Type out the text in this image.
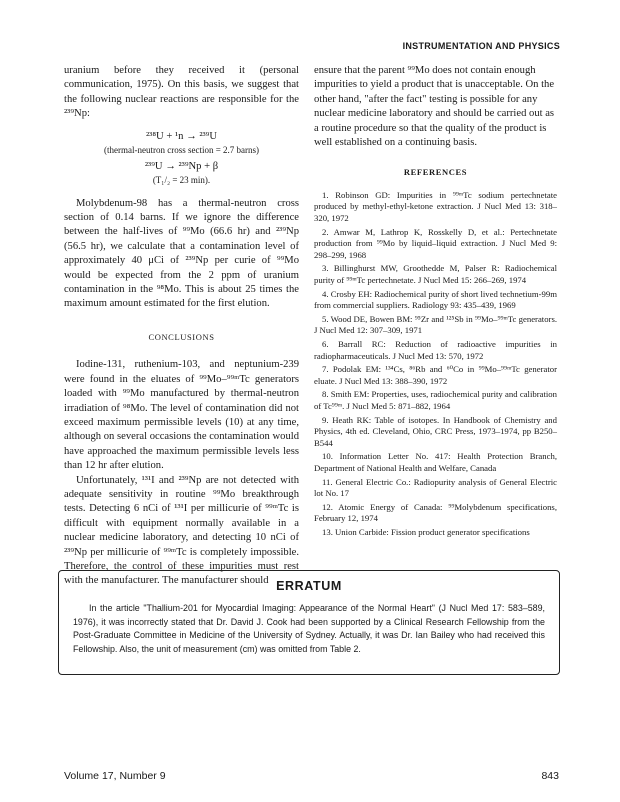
INSTRUMENTATION AND PHYSICS

uranium before they received it (personal communication, 1975). On this basis, we suggest that the following nuclear reactions are responsible for the ²³⁹Np:

²³⁸U + ¹n → ²³⁹U
(thermal-neutron cross section = 2.7 barns)
²³⁹U → ²³⁹Np + β
(T₁/₂ = 23 min).

Molybdenum-98 has a thermal-neutron cross section of 0.14 barns. If we ignore the difference between the half-lives of ⁹⁹Mo (66.6 hr) and ²³⁹Np (56.5 hr), we calculate that a contamination level of approximately 40 μCi of ²³⁹Np per curie of ⁹⁹Mo would be expected from the 2 ppm of uranium contamination in the ⁹⁸Mo. This is about 25 times the maximum amount estimated for the first elution.

CONCLUSIONS

Iodine-131, ruthenium-103, and neptunium-239 were found in the eluates of ⁹⁹Mo–⁹⁹ᵐTc generators loaded with ⁹⁹Mo manufactured by thermal-neutron irradiation of ⁹⁸Mo. The level of contamination did not exceed maximum permissible levels (10) at any time, although on several occasions the contamination would have approached the maximum permissible levels less than 12 hr after elution.

Unfortunately, ¹³¹I and ²³⁹Np are not detected with adequate sensitivity in routine ⁹⁹Mo breakthrough tests. Detecting 6 nCi of ¹³¹I per millicurie of ⁹⁹ᵐTc is difficult with equipment normally available in a nuclear medicine laboratory, and detecting 10 nCi of ²³⁹Np per millicurie of ⁹⁹ᵐTc is completely impossible. Therefore, the control of these impurities must rest with the manufacturer. The manufacturer should

ensure that the parent ⁹⁹Mo does not contain enough impurities to yield a product that is unacceptable. On the other hand, "after the fact" testing is possible for any nuclear medicine laboratory and should be carried out as a routine procedure so that the quality of the product is well established on a continuing basis.

REFERENCES
1. Robinson GD: Impurities in ⁹⁹ᵐTc sodium pertechnetate produced by methyl-ethyl-ketone extraction. J Nucl Med 13: 318–320, 1972
2. Amwar M, Lathrop K, Rosskelly D, et al.: Pertechnetate production from ⁹⁹Mo by liquid–liquid extraction. J Nucl Med 9: 298–299, 1968
3. Billinghurst MW, Groothedde M, Palser R: Radiochemical purity of ⁹⁹ᵐTc pertechnetate. J Nucl Med 15: 266–269, 1974
4. Crosby EH: Radiochemical purity of short lived technetium-99m from commercial suppliers. Radiology 93: 435–439, 1969
5. Wood DE, Bowen BM: ⁹⁵Zr and ¹²⁵Sb in ⁹⁹Mo–⁹⁹ᵐTc generators. J Nucl Med 12: 307–309, 1971
6. Barrall RC: Reduction of radioactive impurities in radiopharmaceuticals. J Nucl Med 13: 570, 1972
7. Podolak EM: ¹³⁴Cs, ⁸⁶Rb and ⁶⁰Co in ⁹⁹Mo–⁹⁹ᵐTc generator eluate. J Nucl Med 13: 388–390, 1972
8. Smith EM: Properties, uses, radiochemical purity and calibration of Tc⁹⁹ᵐ. J Nucl Med 5: 871–882, 1964
9. Heath RK: Table of isotopes. In Handbook of Chemistry and Physics, 4th ed. Cleveland, Ohio, CRC Press, 1973–1974, pp B250–B544
10. Information Letter No. 417: Health Protection Branch, Department of National Health and Welfare, Canada
11. General Electric Co.: Radiopurity analysis of General Electric lot No. 17
12. Atomic Energy of Canada: ⁹⁹Molybdenum specifications, February 12, 1974
13. Union Carbide: Fission product generator specifications
ERRATUM
In the article "Thallium-201 for Myocardial Imaging: Appearance of the Normal Heart" (J Nucl Med 17: 583–589, 1976), it was incorrectly stated that Dr. David J. Cook had been supported by a Clinical Research Fellowship from the Post-Graduate Committee in Medicine of the University of Sydney. Actually, it was Dr. Ian Bailey who had received this Fellowship. Also, the unit of measurement (cm) was omitted from Table 2.
Volume 17, Number 9	843
